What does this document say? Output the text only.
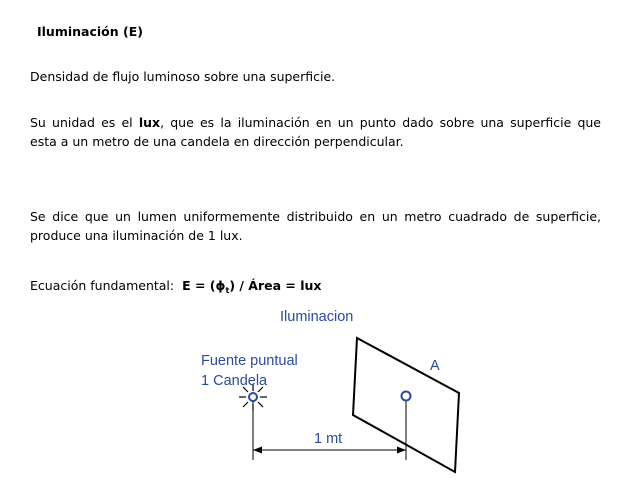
Iluminación (E)
Densidad de flujo luminoso sobre una superficie.
Su unidad es el lux, que es la iluminación en un punto dado sobre una superficie que
esta a un metro de una candela en dirección perpendicular.
Se dice que un lumen uniformemente distribuido en un metro cuadrado de superficie,
produce una iluminación de 1 lux.
Ecuación fundamental: $E = (\phi_t)$ / Área = lux
Iluminacion
Fuente puntual
1 Candela
A
1 mt
